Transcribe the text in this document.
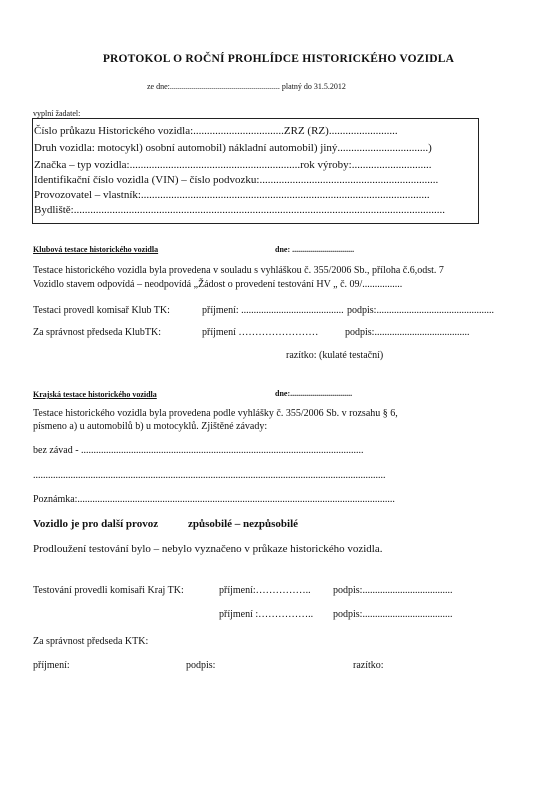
PROTOKOL O ROČNÍ PROHLÍDCE HISTORICKÉHO VOZIDLA
ze dne:....................................................... platný do 31.5.2012
vyplní žadatel:
Číslo průkazu Historického vozidla:.................................ZRZ (RZ).........................
Druh vozidla: motocykl) osobní automobil) nákladní automobil) jiný.................................)
Značka – typ vozidla:..............................................................rok výroby:.............................
Identifikační číslo vozidla (VIN) – číslo podvozku:.................................................................
Provozovatel – vlastník:.........................................................................................................
Bydliště:.......................................................................................................................................
Klubová testace historického vozidla	dne: ...............................
Testace historického vozidla byla provedena v souladu s vyhláškou č. 355/2006 Sb., příloha č.6,odst. 7
Vozidlo stavem odpovídá – neodpovídá „Žádost o provedení testování HV „ č. 09/................
Testaci provedl komisař Klub TK:	příjmení: ......................................... podpis:...............................................
Za správnost předseda KlubTK:	příjmení ……………………	podpis:......................................
razítko: (kulaté testační)
Krajská testace historického vozidla	dne:...............................
Testace historického vozidla byla provedena podle vyhlášky č. 355/2006 Sb. v rozsahu § 6,
písmeno a) u automobilů b) u motocyklů. Zjištěné závady:
bez závad - .................................................................................................................
.............................................................................................................................................
Poznámka:...............................................................................................................................
Vozidlo je pro další provoz	způsobilé – nezpůsobilé
Prodloužení testování bylo – nebylo vyznačeno v průkaze historického vozidla.
Testování provedli komisaři Kraj TK:	příjmení:…………….. podpis:....................................
příjmení :…………….. podpis:....................................
Za správnost předseda KTK:
příjmení:	podpis:	razítko:
